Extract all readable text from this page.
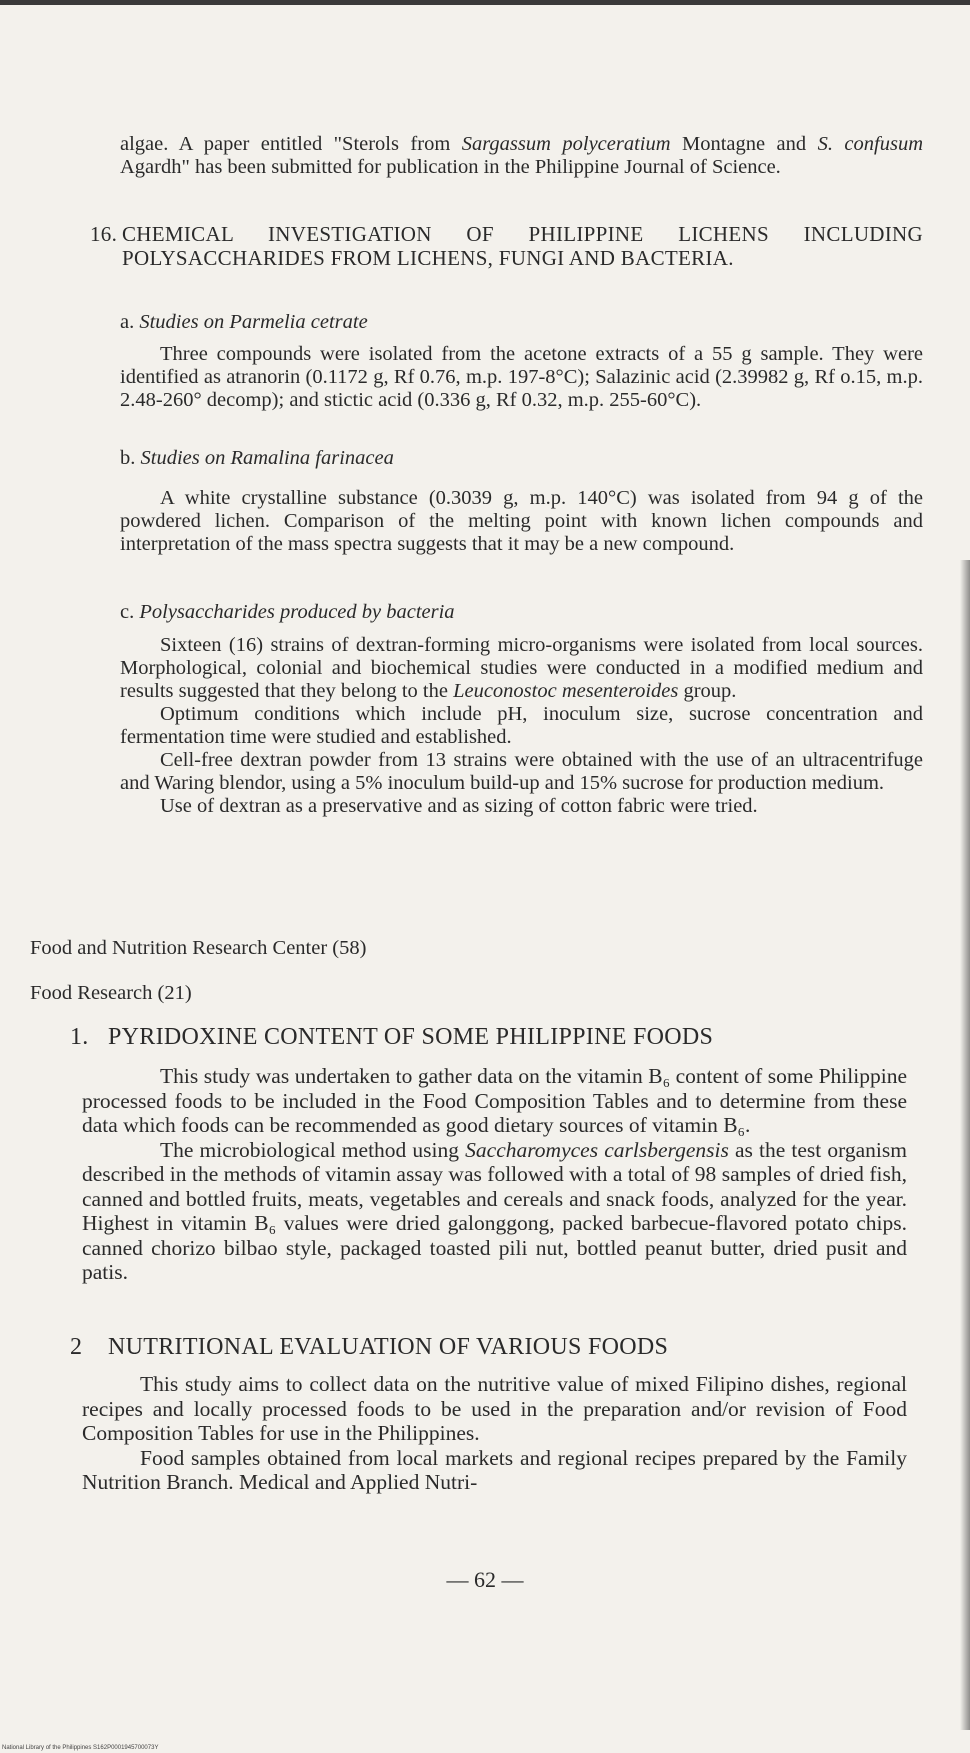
algae. A paper entitled "Sterols from Sargassum polyceratium Montagne and S. confusum Agardh" has been submitted for publication in the Philippine Journal of Science.
16. CHEMICAL INVESTIGATION OF PHILIPPINE LICHENS INCLUDING POLYSACCHARIDES FROM LICHENS, FUNGI AND BACTERIA.
a. Studies on Parmelia cetrate

Three compounds were isolated from the acetone extracts of a 55 g sample. They were identified as atranorin (0.1172 g, Rf 0.76, m.p. 197-8°C); Salazinic acid (2.39982 g, Rf o.15, m.p. 2.48-260° decomp); and stictic acid (0.336 g, Rf 0.32, m.p. 255-60°C).

b. Studies on Ramalina farinacea

A white crystalline substance (0.3039 g, m.p. 140°C) was isolated from 94 g of the powdered lichen. Comparison of the melting point with known lichen compounds and interpretation of the mass spectra suggests that it may be a new compound.

c. Polysaccharides produced by bacteria

Sixteen (16) strains of dextran-forming micro-organisms were isolated from local sources. Morphological, colonial and biochemical studies were conducted in a modified medium and results suggested that they belong to the Leuconostoc mesenteroides group.

Optimum conditions which include pH, inoculum size, sucrose concentration and fermentation time were studied and established.

Cell-free dextran powder from 13 strains were obtained with the use of an ultracentrifuge and Waring blendor, using a 5% inoculum build-up and 15% sucrose for production medium.

Use of dextran as a preservative and as sizing of cotton fabric were tried.

Food and Nutrition Research Center (58)
Food Research (21)
1. PYRIDOXINE CONTENT OF SOME PHILIPPINE FOODS

This study was undertaken to gather data on the vitamin B₆ content of some Philippine processed foods to be included in the Food Composition Tables and to determine from these data which foods can be recommended as good dietary sources of vitamin B₆.

The microbiological method using Saccharomyces carlsbergensis as the test organism described in the methods of vitamin assay was followed with a total of 98 samples of dried fish, canned and bottled fruits, meats, vegetables and cereals and snack foods, analyzed for the year. Highest in vitamin B₆ values were dried galonggong, packed barbecue-flavored potato chips. canned chorizo bilbao style, packaged toasted pili nut, bottled peanut butter, dried pusit and patis.

2	NUTRITIONAL EVALUATION OF VARIOUS FOODS

This study aims to collect data on the nutritive value of mixed Filipino dishes, regional recipes and locally processed foods to be used in the preparation and/or revision of Food Composition Tables for use in the Philippines.

Food samples obtained from local markets and regional recipes prepared by the Family Nutrition Branch. Medical and Applied Nutri-

— 62 —
National Library of the Philippines S162P0001945700073Y
